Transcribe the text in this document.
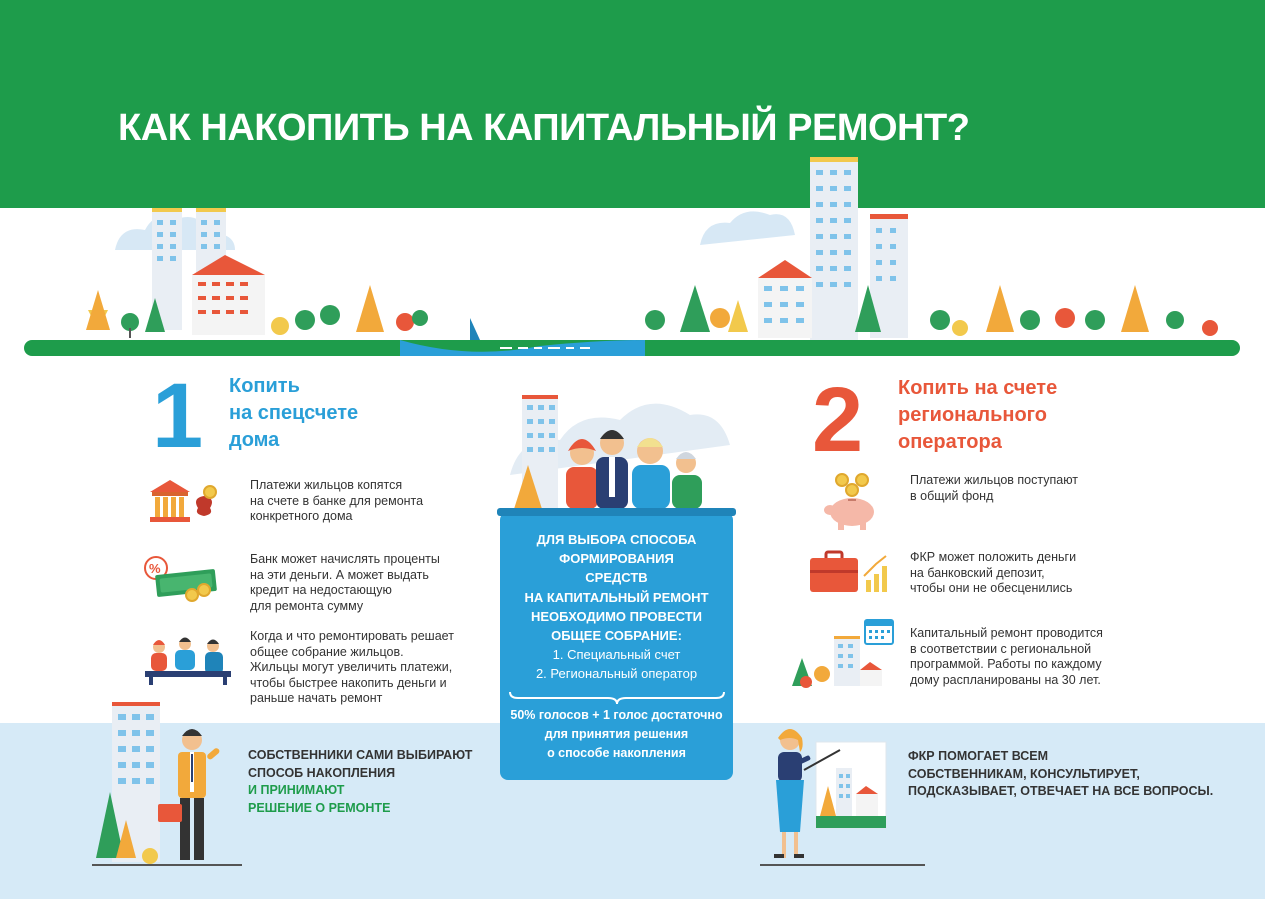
КАК НАКОПИТЬ НА КАПИТАЛЬНЫЙ РЕМОНТ?
1 Копить
на спецсчете
дома
Платежи жильцов копятся
на счете в банке для ремонта
конкретного дома
%
Банк может начислять проценты
на эти деньги. А может выдать
кредит на недостающую
для ремонта сумму
Когда и что ремонтировать решает
общее собрание жильцов.
Жильцы могут увеличить платежи,
чтобы быстрее накопить деньги и
раньше начать ремонт
СОБСТВЕННИКИ САМИ ВЫБИРАЮТ
СПОСОБ НАКОПЛЕНИЯ
И ПРИНИМАЮТ
РЕШЕНИЕ О РЕМОНТЕ
ДЛЯ ВЫБОРА СПОСОБА
ФОРМИРОВАНИЯ
СРЕДСТВ
НА КАПИТАЛЬНЫЙ РЕМОНТ
НЕОБХОДИМО ПРОВЕСТИ
ОБЩЕЕ СОБРАНИЕ:
1. Специальный счет
2. Региональный оператор
50% голосов + 1 голос достаточно
для принятия решения
о способе накопления
2 Копить на счете
регионального
оператора
Платежи жильцов поступают
в общий фонд
ФКР может положить деньги
на банковский депозит,
чтобы они не обесценились
Капитальный ремонт проводится
в соответствии с региональной
программой. Работы по каждому
дому распланированы на 30 лет.
ФКР ПОМОГАЕТ ВСЕМ
СОБСТВЕННИКАМ, КОНСУЛЬТИРУЕТ,
ПОДСКАЗЫВАЕТ, ОТВЕЧАЕТ НА ВСЕ ВОПРОСЫ.
